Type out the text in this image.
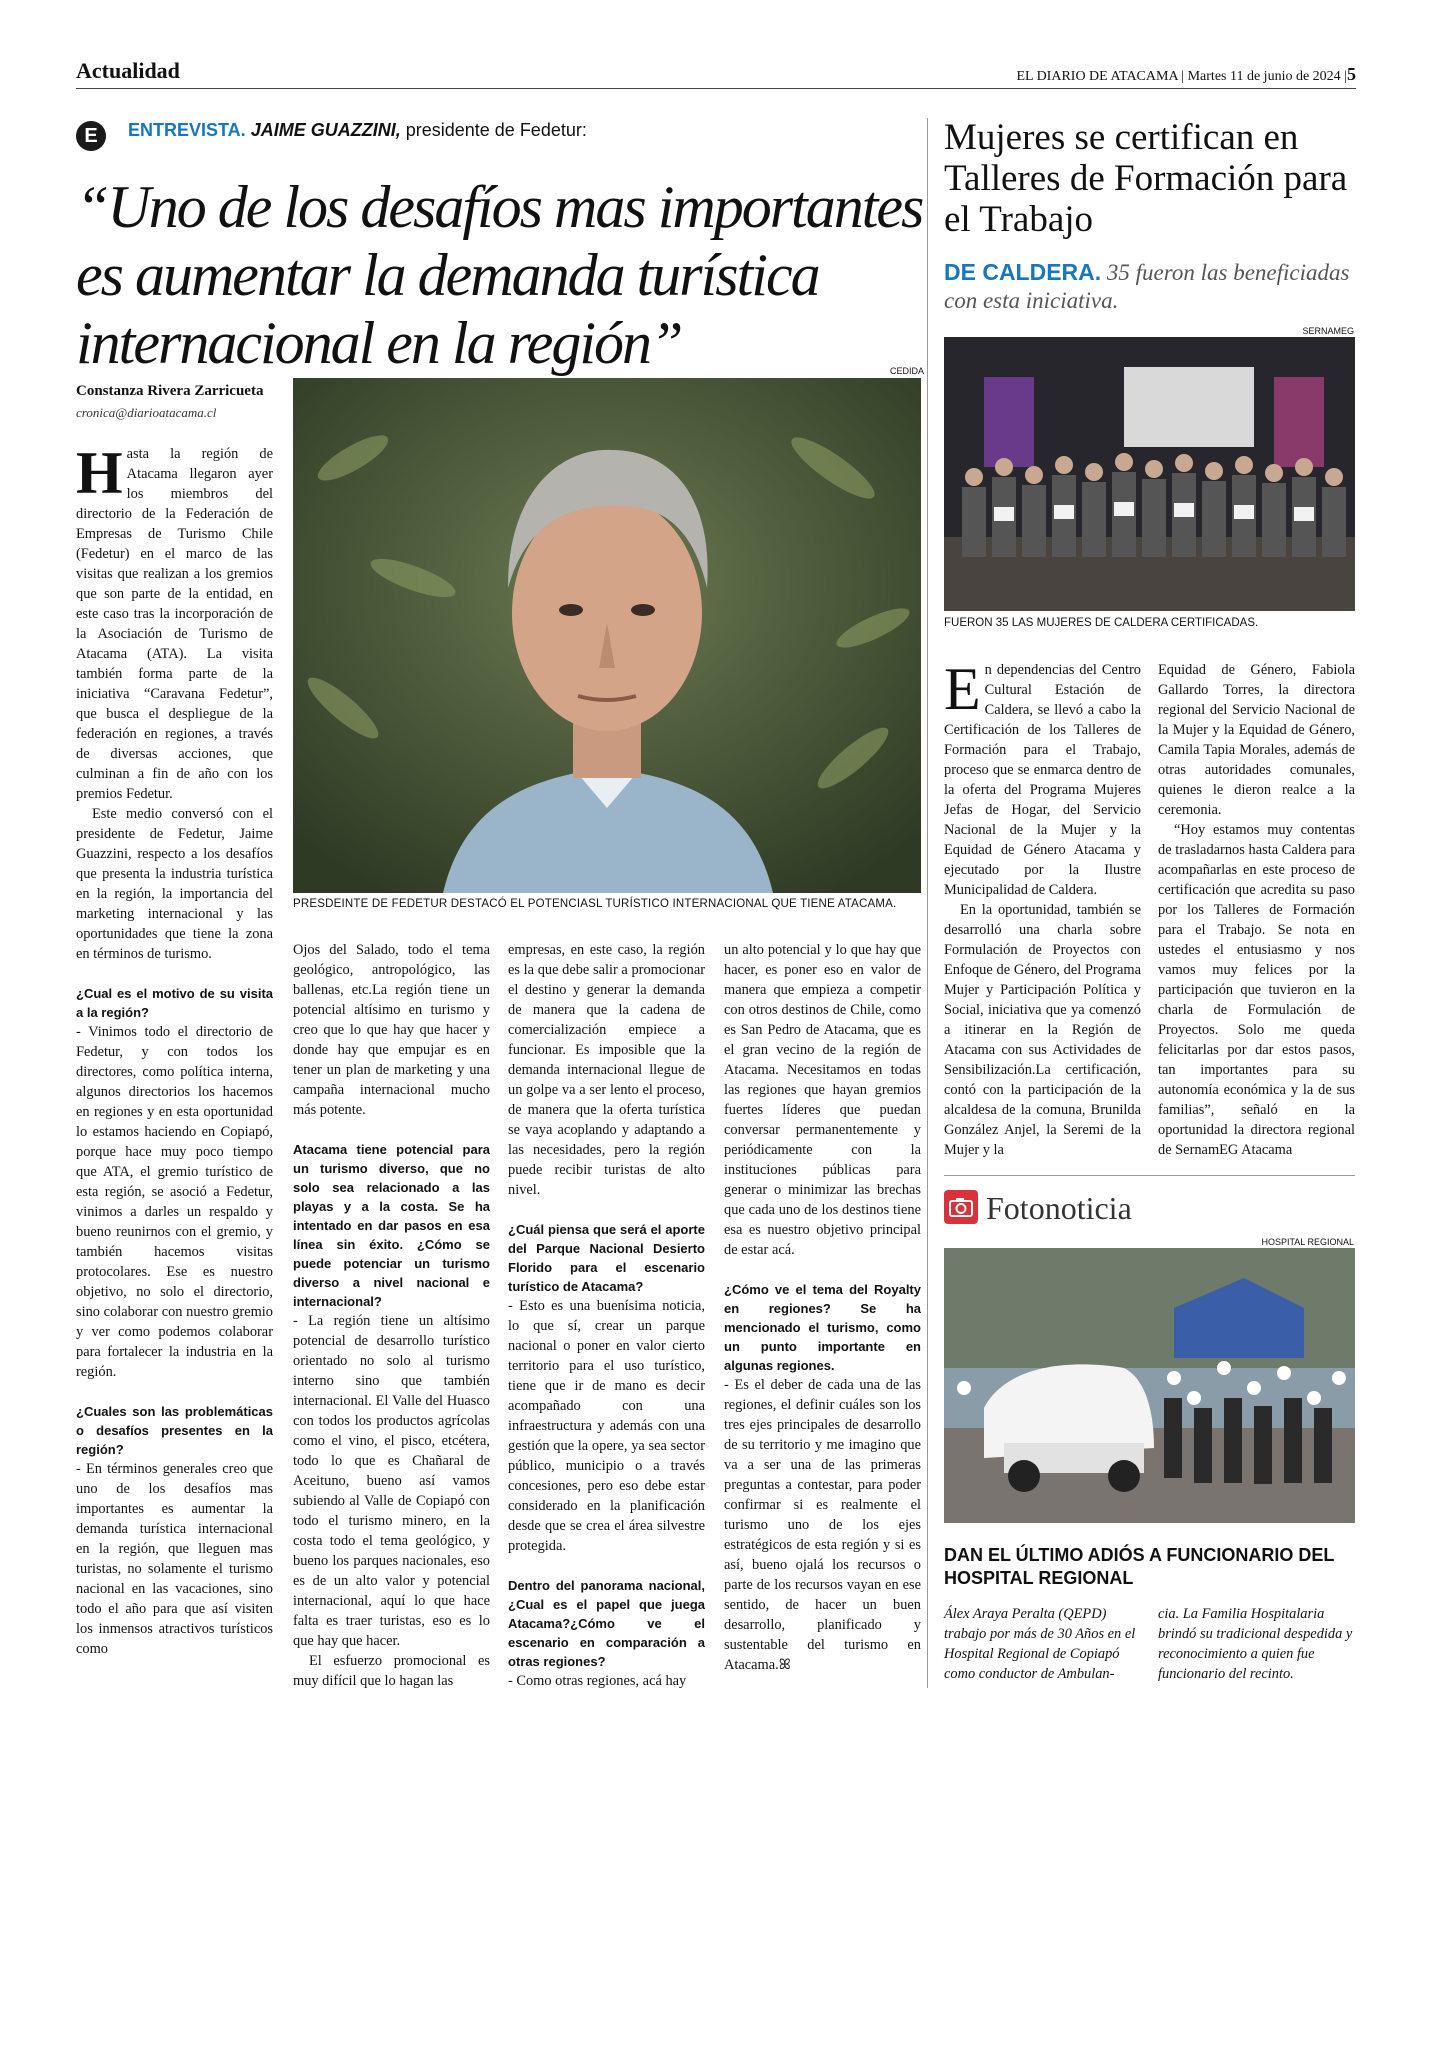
Actualidad	EL DIARIO DE ATACAMA | Martes 11 de junio de 2024 |5
E	ENTREVISTA. JAIME GUAZZINI, presidente de Fedetur:
“Uno de los desafíos mas importantes es aumentar la demanda turística internacional en la región”
Constanza Rivera Zarricueta
cronica@diarioatacama.cl
CEDIDA
PRESDEINTE DE FEDETUR DESTACÓ EL POTENCIASL TURÍSTICO INTERNACIONAL QUE TIENE ATACAMA.

Hasta la región de Atacama llegaron ayer los miembros del directorio de la Federación de Empresas de Turismo Chile (Fedetur) en el marco de las visitas que realizan a los gremios que son parte de la entidad, en este caso tras la incorporación de la Asociación de Turismo de Atacama (ATA). La visita también forma parte de la iniciativa “Caravana Fedetur”, que busca el despliegue de la federación en regiones, a través de diversas acciones, que culminan a fin de año con los premios Fedetur.

Este medio conversó con el presidente de Fedetur, Jaime Guazzini, respecto a los desafíos que presenta la industria turística en la región, la importancia del marketing internacional y las oportunidades que tiene la zona en términos de turismo.

¿Cual es el motivo de su visita a la región?

- Vinimos todo el directorio de Fedetur, y con todos los directores, como política interna, algunos directorios los hacemos en regiones y en esta oportunidad lo estamos haciendo en Copiapó, porque hace muy poco tiempo que ATA, el gremio turístico de esta región, se asoció a Fedetur, vinimos a darles un respaldo y bueno reunirnos con el gremio, y también hacemos visitas protocolares. Ese es nuestro objetivo, no solo el directorio, sino colaborar con nuestro gremio y ver como podemos colaborar para fortalecer la industria en la región.

¿Cuales son las problemáticas o desafíos presentes en la región?

- En términos generales creo que uno de los desafíos mas importantes es aumentar la demanda turística internacional en la región, que lleguen mas turistas, no solamente el turismo nacional en las vacaciones, sino todo el año para que así visiten los inmensos atractivos turísticos como

Ojos del Salado, todo el tema geológico, antropológico, las ballenas, etc.La región tiene un potencial altísimo en turismo y creo que lo que hay que hacer y donde hay que empujar es en tener un plan de marketing y una campaña internacional mucho más potente.

Atacama tiene potencial para un turismo diverso, que no solo sea relacionado a las playas y a la costa. Se ha intentado en dar pasos en esa línea sin éxito. ¿Cómo se puede potenciar un turismo diverso a nivel nacional e internacional?

- La región tiene un altísimo potencial de desarrollo turístico orientado no solo al turismo interno sino que también internacional. El Valle del Huasco con todos los productos agrícolas como el vino, el pisco, etcétera, todo lo que es Chañaral de Aceituno, bueno así vamos subiendo al Valle de Copiapó con todo el turismo minero, en la costa todo el tema geológico, y bueno los parques nacionales, eso es de un alto valor y potencial internacional, aquí lo que hace falta es traer turistas, eso es lo que hay que hacer.

El esfuerzo promocional es muy difícil que lo hagan las

empresas, en este caso, la región es la que debe salir a promocionar el destino y generar la demanda de manera que la cadena de comercialización empiece a funcionar. Es imposible que la demanda internacional llegue de un golpe va a ser lento el proceso, de manera que la oferta turística se vaya acoplando y adaptando a las necesidades, pero la región puede recibir turistas de alto nivel.

¿Cuál piensa que será el aporte del Parque Nacional Desierto Florido para el escenario turístico de Atacama?

- Esto es una buenísima noticia, lo que sí, crear un parque nacional o poner en valor cierto territorio para el uso turístico, tiene que ir de mano es decir acompañado con una infraestructura y además con una gestión que la opere, ya sea sector público, municipio o a través concesiones, pero eso debe estar considerado en la planificación desde que se crea el área silvestre protegida.

Dentro del panorama nacional, ¿Cual es el papel que juega Atacama?¿Cómo ve el escenario en comparación a otras regiones?

- Como otras regiones, acá hay

un alto potencial y lo que hay que hacer, es poner eso en valor de manera que empieza a competir con otros destinos de Chile, como es San Pedro de Atacama, que es el gran vecino de la región de Atacama. Necesitamos en todas las regiones que hayan gremios fuertes líderes que puedan conversar permanentemente y periódicamente con la instituciones públicas para generar o minimizar las brechas que cada uno de los destinos tiene esa es nuestro objetivo principal de estar acá.

¿Cómo ve el tema del Royalty en regiones? Se ha mencionado el turismo, como un punto importante en algunas regiones.

- Es el deber de cada una de las regiones, el definir cuáles son los tres ejes principales de desarrollo de su territorio y me imagino que va a ser una de las primeras preguntas a contestar, para poder confirmar si es realmente el turismo uno de los ejes estratégicos de esta región y si es así, bueno ojalá los recursos o parte de los recursos vayan en ese sentido, de hacer un buen desarrollo, planificado y sustentable del turismo en Atacama.ꕤ

Mujeres se certifican en Talleres de Formación para el Trabajo
DE CALDERA. 35 fueron las beneficiadas con esta iniciativa.
SERNAMEG
FUERON 35 LAS MUJERES DE CALDERA CERTIFICADAS.

En dependencias del Centro Cultural Estación de Caldera, se llevó a cabo la Certificación de los Talleres de Formación para el Trabajo, proceso que se enmarca dentro de la oferta del Programa Mujeres Jefas de Hogar, del Servicio Nacional de la Mujer y la Equidad de Género Atacama y ejecutado por la Ilustre Municipalidad de Caldera.

En la oportunidad, también se desarrolló una charla sobre Formulación de Proyectos con Enfoque de Género, del Programa Mujer y Participación Política y Social, iniciativa que ya comenzó a itinerar en la Región de Atacama con sus Actividades de Sensibilización.La certificación, contó con la participación de la alcaldesa de la comuna, Brunilda González Anjel, la Seremi de la Mujer y la

Equidad de Género, Fabiola Gallardo Torres, la directora regional del Servicio Nacional de la Mujer y la Equidad de Género, Camila Tapia Morales, además de otras autoridades comunales, quienes le dieron realce a la ceremonia.

“Hoy estamos muy contentas de trasladarnos hasta Caldera para acompañarlas en este proceso de certificación que acredita su paso por los Talleres de Formación para el Trabajo. Se nota en ustedes el entusiasmo y nos vamos muy felices por la participación que tuvieron en la charla de Formulación de Proyectos. Solo me queda felicitarlas por dar estos pasos, tan importantes para su autonomía económica y la de sus familias”, señaló en la oportunidad la directora regional de SernamEG Atacama

Fotonoticia
HOSPITAL REGIONAL
DAN EL ÚLTIMO ADIÓS A FUNCIONARIO DEL HOSPITAL REGIONAL
Álex Araya Peralta (QEPD) trabajo por más de 30 Años en el Hospital Regional de Copiapó como conductor de Ambulan-
cia. La Familia Hospitalaria brindó su tradicional despedida y reconocimiento a quien fue funcionario del recinto.
